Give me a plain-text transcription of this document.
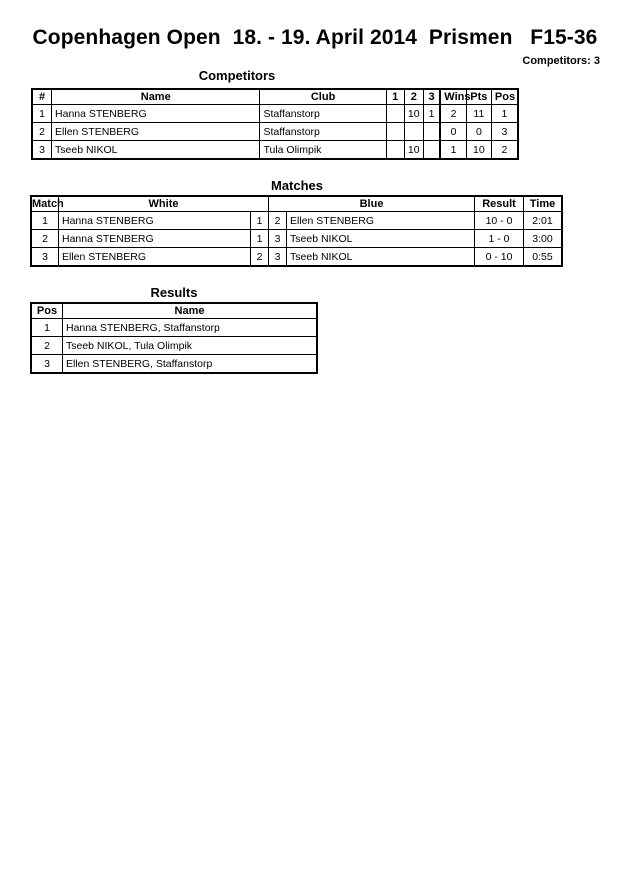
Copenhagen Open  18. - 19. April 2014  Prismen   F15-36
Competitors: 3
Competitors
#	Name	Club	1	2	3	Wins	Pts	Pos
1	Hanna STENBERG	Staffanstorp		10	1	2	11	1
2	Ellen STENBERG	Staffanstorp				0	0	3
3	Tseeb NIKOL	Tula Olimpik		10		1	10	2
Matches
Match	White		Blue		Result	Time
1	Hanna STENBERG	1	2	Ellen STENBERG	10 - 0	2:01
2	Hanna STENBERG	1	3	Tseeb NIKOL	1 - 0	3:00
3	Ellen STENBERG	2	3	Tseeb NIKOL	0 - 10	0:55
Results
Pos	Name
1	Hanna STENBERG, Staffanstorp
2	Tseeb NIKOL, Tula Olimpik
3	Ellen STENBERG, Staffanstorp
